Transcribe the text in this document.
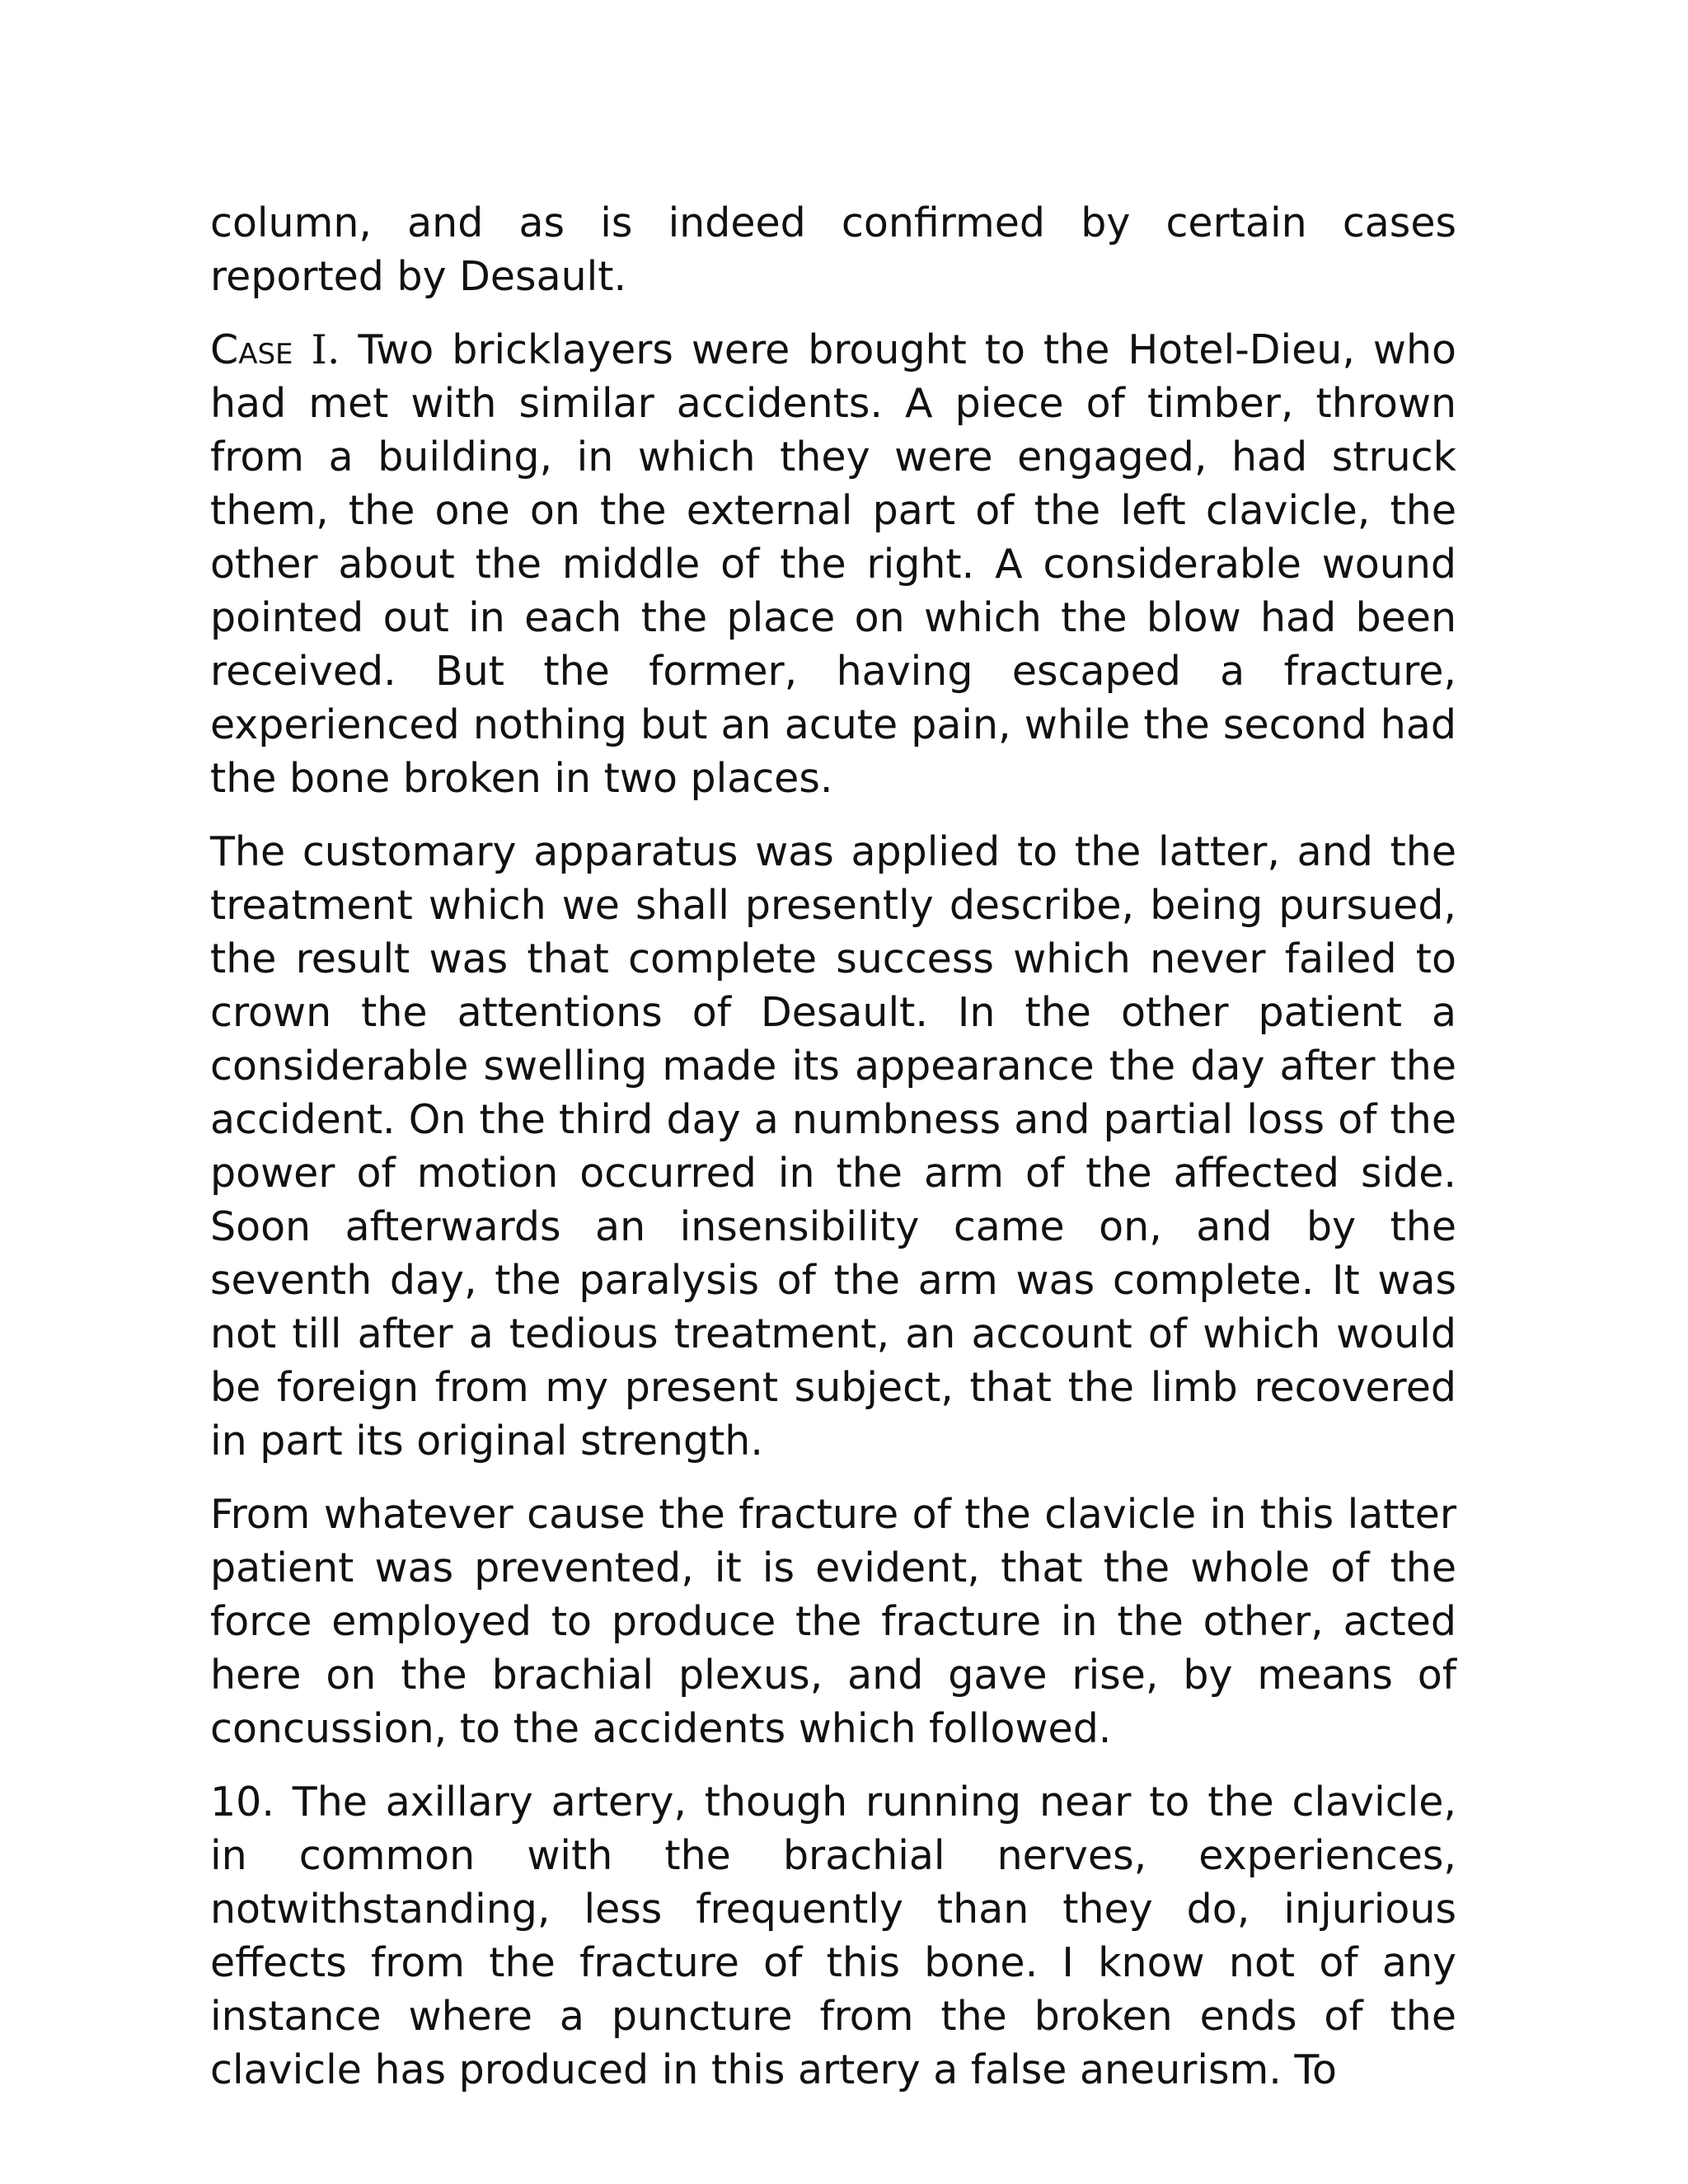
column, and as is indeed confirmed by certain cases reported by Desault.

Case I. Two bricklayers were brought to the Hotel-Dieu, who had met with similar accidents. A piece of timber, thrown from a building, in which they were engaged, had struck them, the one on the external part of the left clavicle, the other about the middle of the right. A considerable wound pointed out in each the place on which the blow had been received. But the former, having escaped a fracture, experienced nothing but an acute pain, while the second had the bone broken in two places.

The customary apparatus was applied to the latter, and the treatment which we shall presently describe, being pursued, the result was that complete success which never failed to crown the attentions of Desault. In the other patient a considerable swelling made its appearance the day after the accident. On the third day a numbness and partial loss of the power of motion occurred in the arm of the affected side. Soon afterwards an insensibility came on, and by the seventh day, the paralysis of the arm was complete. It was not till after a tedious treatment, an account of which would be foreign from my present subject, that the limb recovered in part its original strength.

From whatever cause the fracture of the clavicle in this latter patient was prevented, it is evident, that the whole of the force employed to produce the fracture in the other, acted here on the brachial plexus, and gave rise, by means of concussion, to the accidents which followed.

10. The axillary artery, though running near to the clavicle, in common with the brachial nerves, experiences, notwithstanding, less frequently than they do, injurious effects from the fracture of this bone. I know not of any instance where a puncture from the broken ends of the clavicle has produced in this artery a false aneurism. To
